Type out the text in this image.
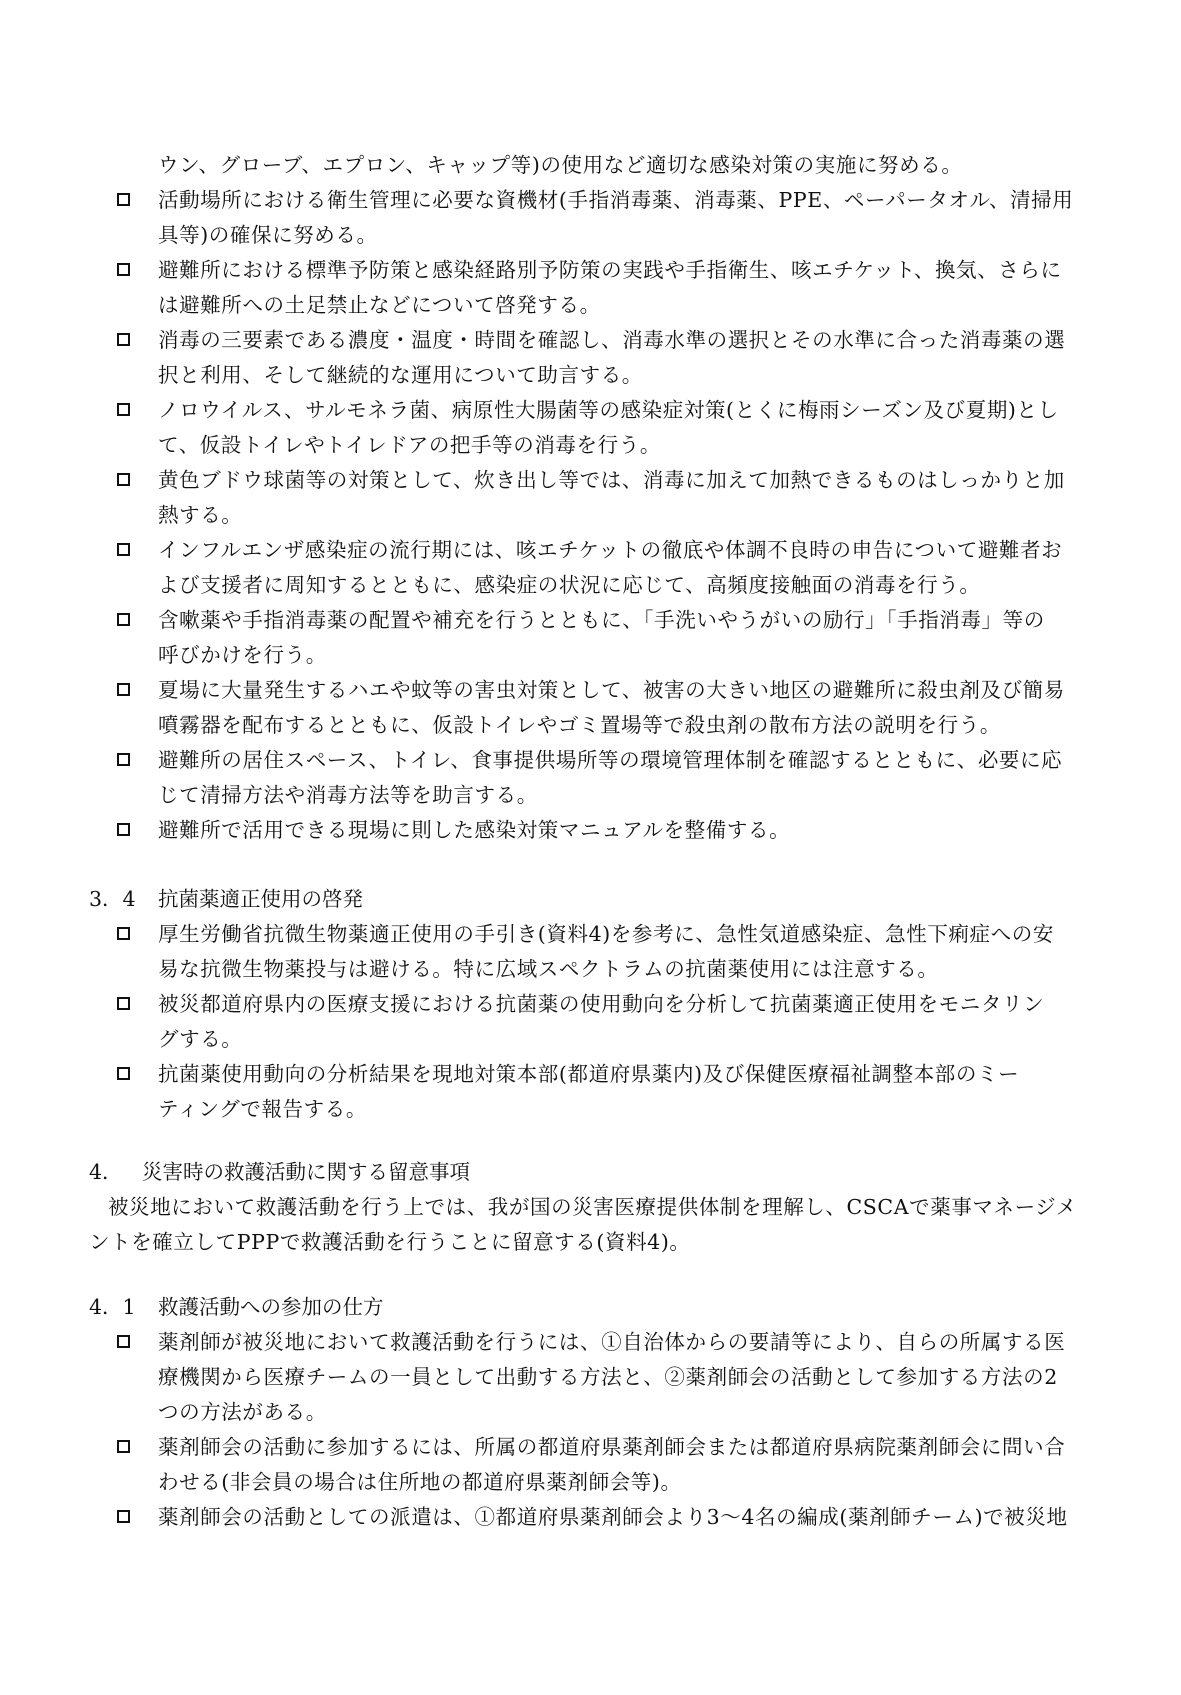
ウン、グローブ、エプロン、キャップ等)の使用など適切な感染対策の実施に努める。
活動場所における衛生管理に必要な資機材(手指消毒薬、消毒薬、PPE、ペーパータオル、清掃用
具等)の確保に努める。
避難所における標準予防策と感染経路別予防策の実践や手指衛生、咳エチケット、換気、さらに
は避難所への土足禁止などについて啓発する。
消毒の三要素である濃度・温度・時間を確認し、消毒水準の選択とその水準に合った消毒薬の選
択と利用、そして継続的な運用について助言する。
ノロウイルス、サルモネラ菌、病原性大腸菌等の感染症対策(とくに梅雨シーズン及び夏期)とし
て、仮設トイレやトイレドアの把手等の消毒を行う。
黄色ブドウ球菌等の対策として、炊き出し等では、消毒に加えて加熱できるものはしっかりと加
熱する。
インフルエンザ感染症の流行期には、咳エチケットの徹底や体調不良時の申告について避難者お
よび支援者に周知するとともに、感染症の状況に応じて、高頻度接触面の消毒を行う。
含嗽薬や手指消毒薬の配置や補充を行うとともに、「手洗いやうがいの励行」「手指消毒」等の
呼びかけを行う。
夏場に大量発生するハエや蚊等の害虫対策として、被害の大きい地区の避難所に殺虫剤及び簡易
噴霧器を配布するとともに、仮設トイレやゴミ置場等で殺虫剤の散布方法の説明を行う。
避難所の居住スペース、トイレ、食事提供場所等の環境管理体制を確認するとともに、必要に応
じて清掃方法や消毒方法等を助言する。
避難所で活用できる現場に則した感染対策マニュアルを整備する。
3．4 抗菌薬適正使用の啓発
厚生労働省抗微生物薬適正使用の手引き(資料4)を参考に、急性気道感染症、急性下痢症への安
易な抗微生物薬投与は避ける。特に広域スペクトラムの抗菌薬使用には注意する。
被災都道府県内の医療支援における抗菌薬の使用動向を分析して抗菌薬適正使用をモニタリン
グする。
抗菌薬使用動向の分析結果を現地対策本部(都道府県薬内)及び保健医療福祉調整本部のミー
ティングで報告する。
4． 災害時の救護活動に関する留意事項
被災地において救護活動を行う上では、我が国の災害医療提供体制を理解し、CSCAで薬事マネージメ
ントを確立してPPPで救護活動を行うことに留意する(資料4)。
4．1 救護活動への参加の仕方
薬剤師が被災地において救護活動を行うには、①自治体からの要請等により、自らの所属する医
療機関から医療チームの一員として出動する方法と、②薬剤師会の活動として参加する方法の2
つの方法がある。
薬剤師会の活動に参加するには、所属の都道府県薬剤師会または都道府県病院薬剤師会に問い合
わせる(非会員の場合は住所地の都道府県薬剤師会等)。
薬剤師会の活動としての派遣は、①都道府県薬剤師会より3～4名の編成(薬剤師チーム)で被災地
